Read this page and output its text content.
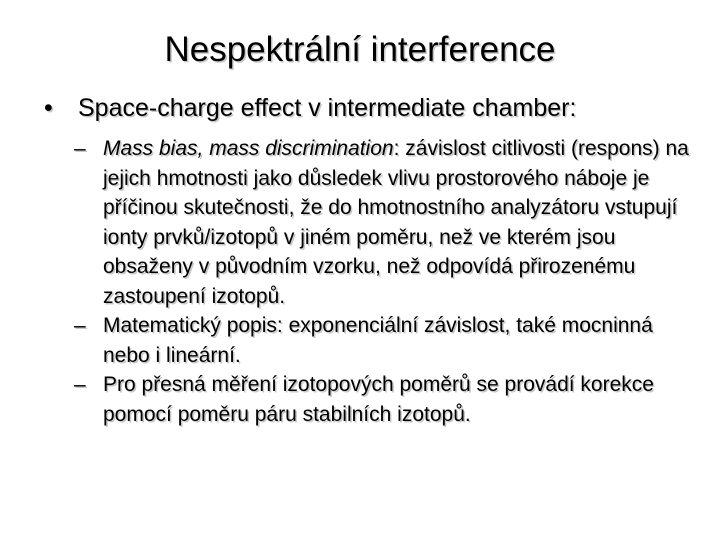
Nespektrální interference
•	Space-charge effect v intermediate chamber:
– Mass bias, mass discrimination: závislost citlivosti (respons) na jejich hmotnosti jako důsledek vlivu prostorového náboje je příčinou skutečnosti, že do hmotnostního analyzátoru vstupují ionty prvků/izotopů v jiném poměru, než ve kterém jsou obsaženy v původním vzorku, než odpovídá přirozenému zastoupení izotopů.
– Matematický popis: exponenciální závislost, také mocninná nebo i lineární.
– Pro přesná měření izotopových poměrů se provádí korekce pomocí poměru páru stabilních izotopů.
